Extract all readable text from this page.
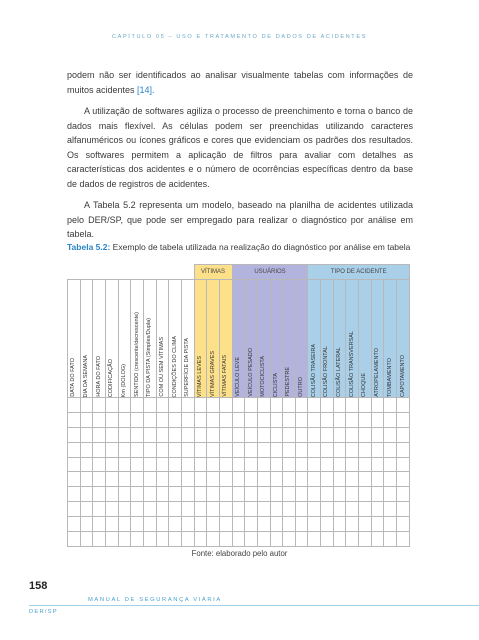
CAPÍTULO 05 – USO E TRATAMENTO DE DADOS DE ACIDENTES

podem não ser identificados ao analisar visualmente tabelas com informações de muitos acidentes [14].

A utilização de softwares agiliza o processo de preenchimento e torna o banco de dados mais flexível. As células podem ser preenchidas utilizando caracteres alfanuméricos ou ícones gráficos e cores que evidenciam os padrões dos resultados. Os softwares permitem a aplicação de filtros para avaliar com detalhes as características dos acidentes e o número de ocorrências específicas dentro da base de dados de registros de acidentes.

A Tabela 5.2 representa um modelo, baseado na planilha de acidentes utilizada pelo DER/SP, que pode ser empregado para realizar o diagnóstico por análise em tabela.

Tabela 5.2: Exemplo de tabela utilizada na realização do diagnóstico por análise em tabela
										VÍTIMAS			USUÁRIOS						TIPO DE ACIDENTE							

DATA DO FATO	DIA DA SEMANA	HORA DO FATO	CODIFICAÇÃO	Km (DOLOG)	SENTIDO (crescente/decrescente)	TIPO DA PISTA (Simples/Dupla)	COM OU SEM VÍTIMAS	CONDIÇÕES DO CLIMA	SUPERFÍCIE DA PISTA	VÍTIMAS LEVES	VÍTIMAS GRAVES	VÍTIMAS FATAIS	VEÍCULO LEVE	VEÍCULO PESADO	MOTOCICLISTA	CICLISTA	PEDESTRE	OUTRO	COLISÃO TRASEIRA	COLISÃO FRONTAL	COLISÃO LATERAL	COLISÃO TRANSVERSAL	CHOQUE	ATROPELAMENTO	TOMBAMENTO	CAPOTAMENTO

Fonte: elaborado pelo autor
158
MANUAL DE SEGURANÇA VIÁRIA
DER/SP
